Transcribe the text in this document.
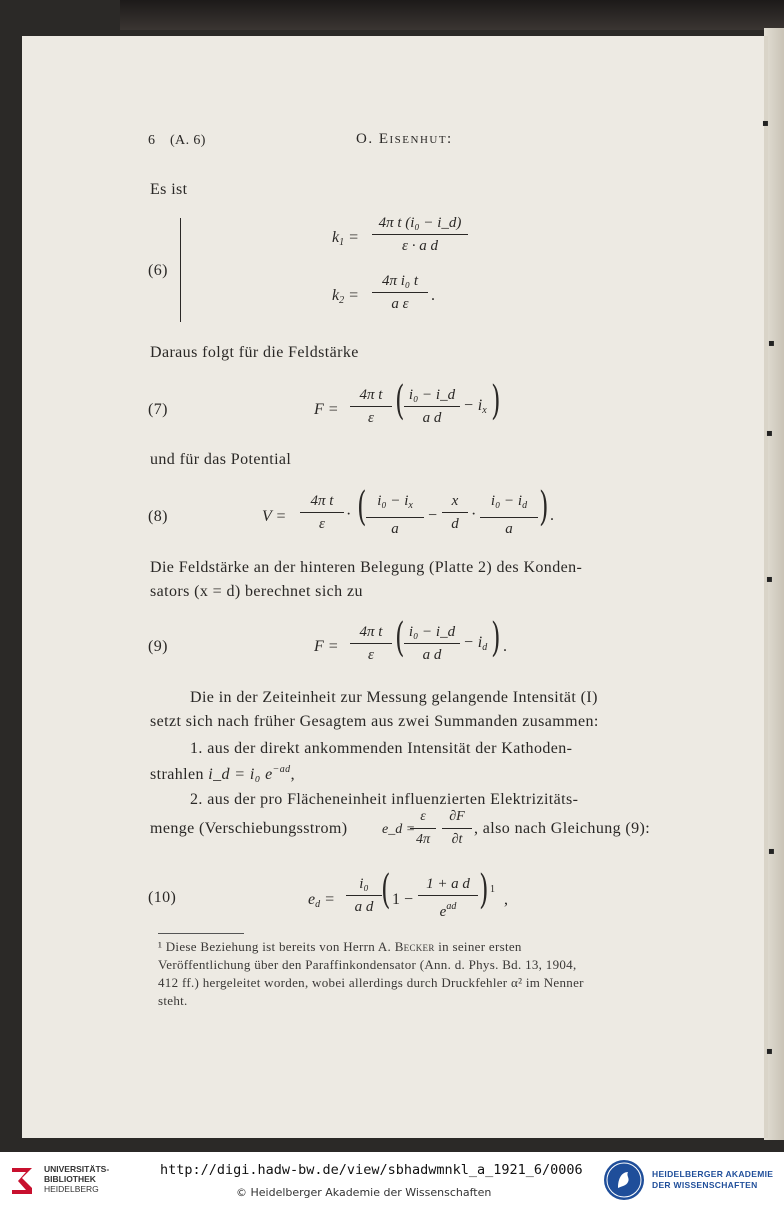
6 (A. 6)	O. Eisenhut:
Es ist
(6)
$k_1 = \frac{\text{4π t (i₀ − i\_d)}}{\text{ε · a d}}$
$k_2 = \frac{\text{4π i₀ t}}{\text{a ε}}$ .
Daraus folgt für die Feldstärke
(7)	$F = \frac{\text{4π t}}{\varepsilon}$ ( $\frac{\text{i₀ − i\_d}}{\text{a d}} - i_x$ )
und für das Potential
(8)	$V = \frac{\text{4π t}}{\varepsilon}$ · ( $\frac{i_0 - i_x}{a} - \frac{x}{d} \cdot \frac{i_0 - i_d}{a}$ ) .
Die Feldstärke an der hinteren Belegung (Platte 2) des Konden-
sators (x = d) berechnet sich zu
(9)	$F = \frac{\text{4π t}}{\varepsilon}$ ( $\frac{\text{i₀ − i\_d}}{\text{a d}} - i_d$ ) .
Die in der Zeiteinheit zur Messung gelangende Intensität (I)
setzt sich nach früher Gesagtem aus zwei Summanden zusammen:
1. aus der direkt ankommenden Intensität der Kathoden-
strahlen i_d = i₀ $e^{-ad}$,
2. aus der pro Flächeneinheit influenzierten Elektrizitäts-
menge (Verschiebungsstrom) e_d =
$\frac{\varepsilon}{4\pi} \frac{\partial F}{\partial t}$ , also nach Gleichung (9):
(10)	$e_d = \frac{\text{i₀}}{\text{a d}}$ ( 1 −
1 + a d
$e^{ad}$ ) 1
,
¹ Diese Beziehung ist bereits von Herrn A. Becker in seiner ersten
Veröffentlichung über den Paraffinkondensator (Ann. d. Phys. Bd. 13, 1904,
412 ff.) hergeleitet worden, wobei allerdings durch Druckfehler α² im Nenner
steht.
▪
▪
▪
▪
▪
▪
UNIVERSITÄTS-
BIBLIOTHEK
HEIDELBERG
http://digi.hadw-bw.de/view/sbhadwmnkl_a_1921_6/0006
© Heidelberger Akademie der Wissenschaften
HEIDELBERGER AKADEMIE
DER WISSENSCHAFTEN
